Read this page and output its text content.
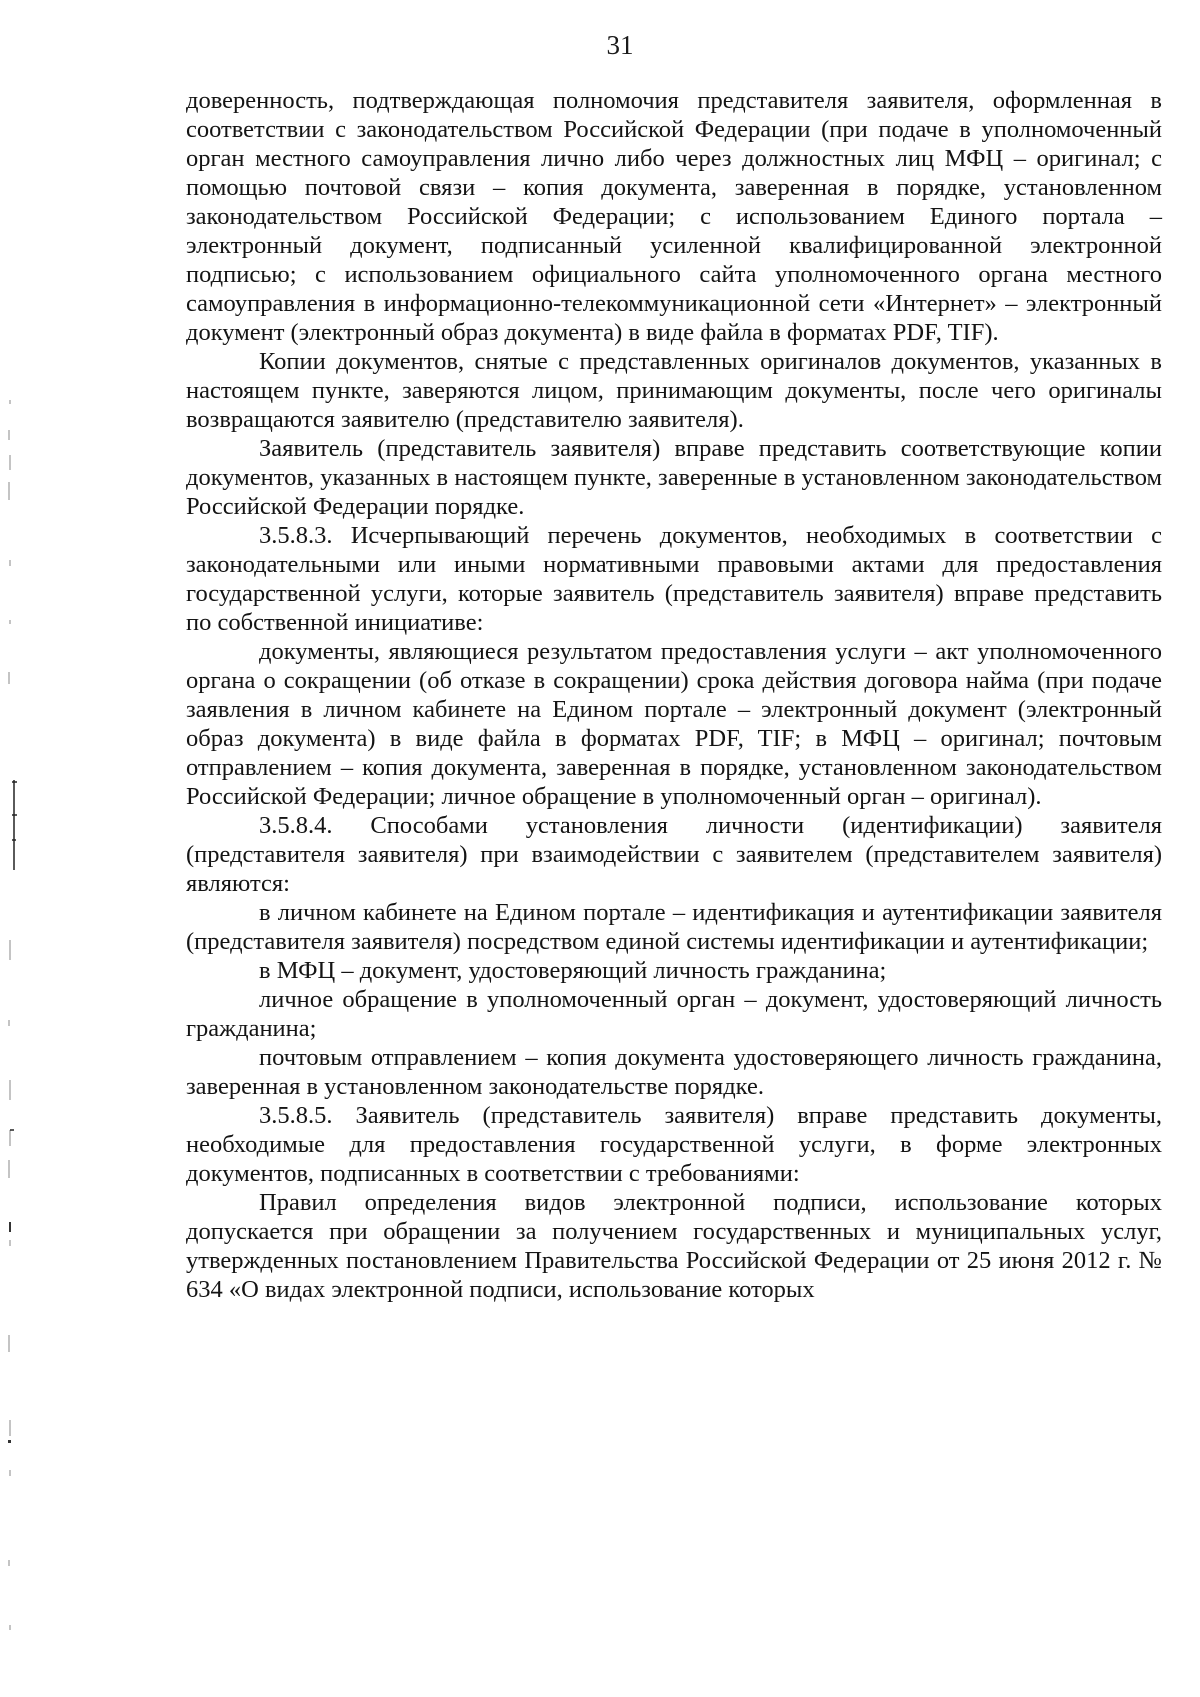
31

доверенность, подтверждающая полномочия представителя заявителя, оформленная в соответствии с законодательством Российской Федерации (при подаче в уполномоченный орган местного самоуправления лично либо через должностных лиц МФЦ – оригинал; с помощью почтовой связи – копия документа, заверенная в порядке, установленном законодательством Российской Федерации; с использованием Единого портала – электронный документ, подписанный усиленной квалифицированной электронной подписью; с использованием официального сайта уполномоченного органа местного самоуправления в информационно-телекоммуникационной сети «Интернет» – электронный документ (электронный образ документа) в виде файла в форматах PDF, TIF).

Копии документов, снятые с представленных оригиналов документов, указанных в настоящем пункте, заверяются лицом, принимающим документы, после чего оригиналы возвращаются заявителю (представителю заявителя).

Заявитель (представитель заявителя) вправе представить соответствующие копии документов, указанных в настоящем пункте, заверенные в установленном законодательством Российской Федерации порядке.

3.5.8.3. Исчерпывающий перечень документов, необходимых в соответствии с законодательными или иными нормативными правовыми актами для предоставления государственной услуги, которые заявитель (представитель заявителя) вправе представить по собственной инициативе:

документы, являющиеся результатом предоставления услуги – акт уполномоченного органа о сокращении (об отказе в сокращении) срока действия договора найма (при подаче заявления в личном кабинете на Едином портале – электронный документ (электронный образ документа) в виде файла в форматах PDF, TIF; в МФЦ – оригинал; почтовым отправлением – копия документа, заверенная в порядке, установленном законодательством Российской Федерации; личное обращение в уполномоченный орган – оригинал).

3.5.8.4. Способами установления личности (идентификации) заявителя (представителя заявителя) при взаимодействии с заявителем (представителем заявителя) являются:

в личном кабинете на Едином портале – идентификация и аутентификации заявителя (представителя заявителя) посредством единой системы идентификации и аутентификации;

в МФЦ – документ, удостоверяющий личность гражданина;

личное обращение в уполномоченный орган – документ, удостоверяющий личность гражданина;

почтовым отправлением – копия документа удостоверяющего личность гражданина, заверенная в установленном законодательстве порядке.

3.5.8.5. Заявитель (представитель заявителя) вправе представить документы, необходимые для предоставления государственной услуги, в форме электронных документов, подписанных в соответствии с требованиями:

Правил определения видов электронной подписи, использование которых допускается при обращении за получением государственных и муниципальных услуг, утвержденных постановлением Правительства Российской Федерации от 25 июня 2012 г. № 634 «О видах электронной подписи, использование которых
